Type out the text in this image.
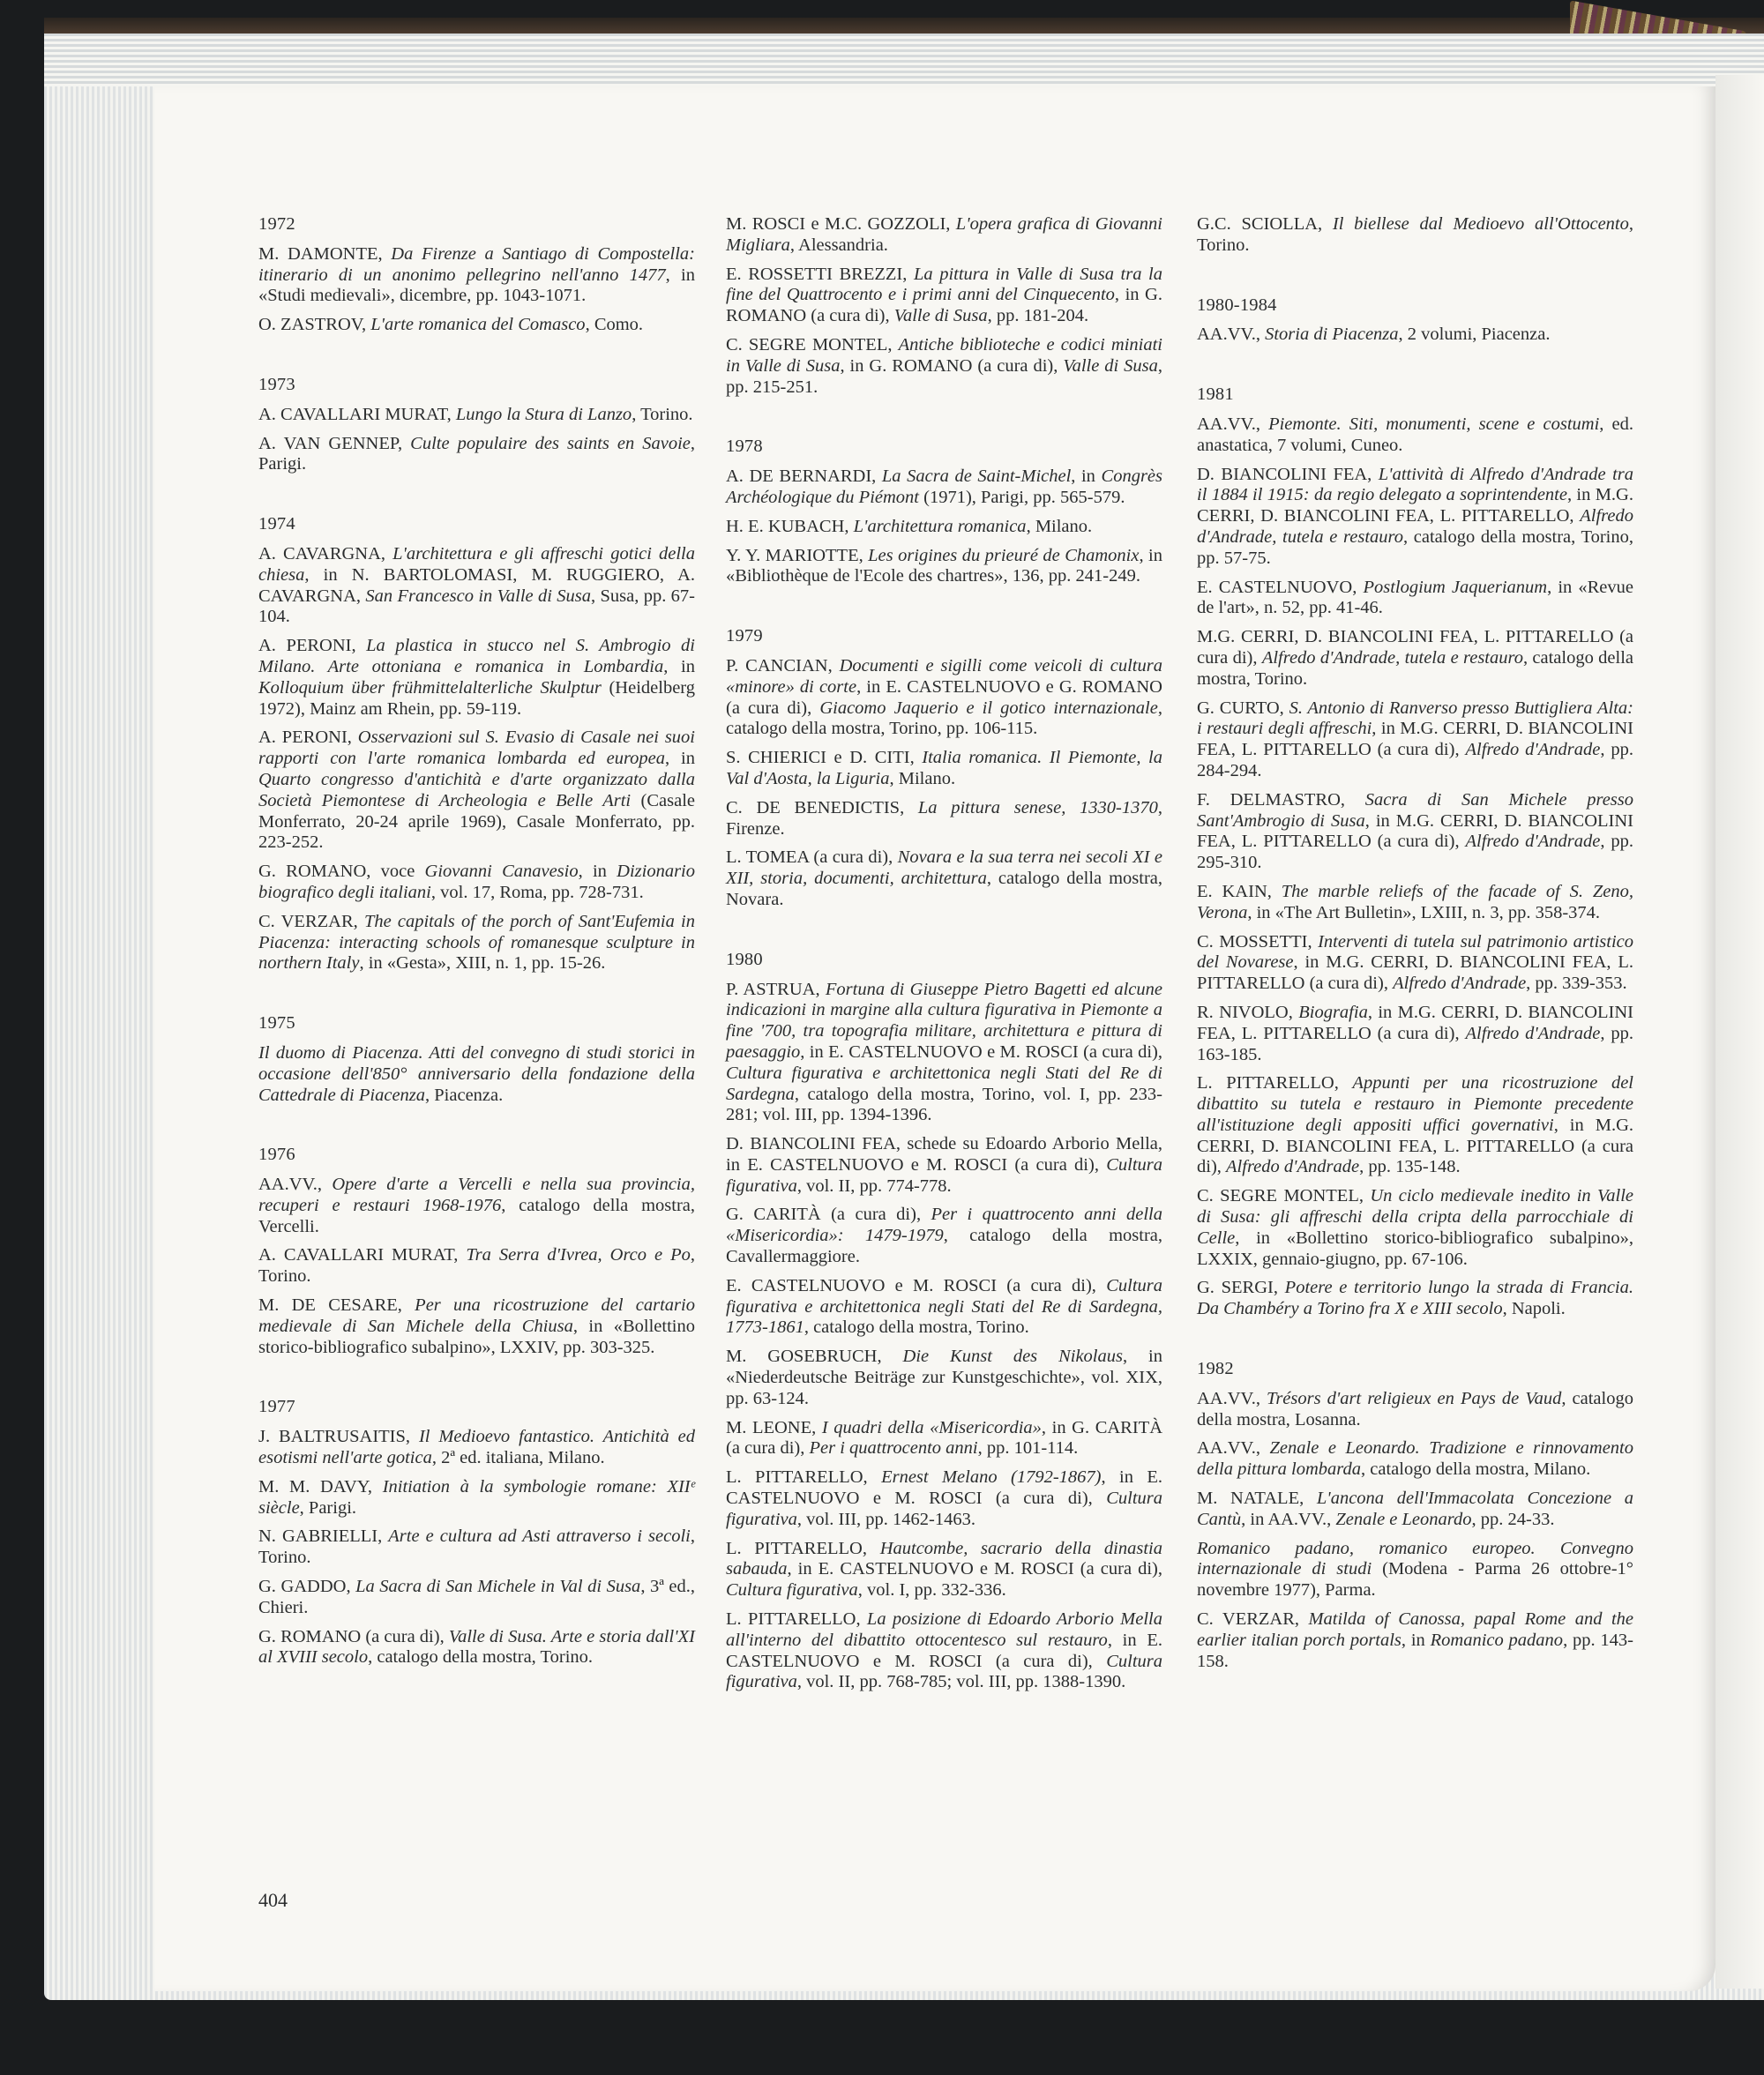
1972

M. DAMONTE, Da Firenze a Santiago di Compostella: itinerario di un anonimo pellegrino nell'anno 1477, in «Studi medievali», dicembre, pp. 1043-1071.

O. ZASTROV, L'arte romanica del Comasco, Como.

1973

A. CAVALLARI MURAT, Lungo la Stura di Lanzo, Torino.

A. VAN GENNEP, Culte populaire des saints en Savoie, Parigi.

1974

A. CAVARGNA, L'architettura e gli affreschi gotici della chiesa, in N. BARTOLOMASI, M. RUGGIERO, A. CAVARGNA, San Francesco in Valle di Susa, Susa, pp. 67-104.

A. PERONI, La plastica in stucco nel S. Ambrogio di Milano. Arte ottoniana e romanica in Lombardia, in Kolloquium über frühmittelalterliche Skulptur (Heidelberg 1972), Mainz am Rhein, pp. 59-119.

A. PERONI, Osservazioni sul S. Evasio di Casale nei suoi rapporti con l'arte romanica lombarda ed europea, in Quarto congresso d'antichità e d'arte organizzato dalla Società Piemontese di Archeologia e Belle Arti (Casale Monferrato, 20-24 aprile 1969), Casale Monferrato, pp. 223-252.

G. ROMANO, voce Giovanni Canavesio, in Dizionario biografico degli italiani, vol. 17, Roma, pp. 728-731.

C. VERZAR, The capitals of the porch of Sant'Eufemia in Piacenza: interacting schools of romanesque sculpture in northern Italy, in «Gesta», XIII, n. 1, pp. 15-26.

1975

Il duomo di Piacenza. Atti del convegno di studi storici in occasione dell'850° anniversario della fondazione della Cattedrale di Piacenza, Piacenza.

1976

AA.VV., Opere d'arte a Vercelli e nella sua provincia, recuperi e restauri 1968-1976, catalogo della mostra, Vercelli.

A. CAVALLARI MURAT, Tra Serra d'Ivrea, Orco e Po, Torino.

M. DE CESARE, Per una ricostruzione del cartario medievale di San Michele della Chiusa, in «Bollettino storico-bibliografico subalpino», LXXIV, pp. 303-325.

1977

J. BALTRUSAITIS, Il Medioevo fantastico. Antichità ed esotismi nell'arte gotica, 2ª ed. italiana, Milano.

M. M. DAVY, Initiation à la symbologie romane: XIIᵉ siècle, Parigi.

N. GABRIELLI, Arte e cultura ad Asti attraverso i secoli, Torino.

G. GADDO, La Sacra di San Michele in Val di Susa, 3ª ed., Chieri.

G. ROMANO (a cura di), Valle di Susa. Arte e storia dall'XI al XVIII secolo, catalogo della mostra, Torino.

M. ROSCI e M.C. GOZZOLI, L'opera grafica di Giovanni Migliara, Alessandria.

E. ROSSETTI BREZZI, La pittura in Valle di Susa tra la fine del Quattrocento e i primi anni del Cinquecento, in G. ROMANO (a cura di), Valle di Susa, pp. 181-204.

C. SEGRE MONTEL, Antiche biblioteche e codici miniati in Valle di Susa, in G. ROMANO (a cura di), Valle di Susa, pp. 215-251.

1978

A. DE BERNARDI, La Sacra de Saint-Michel, in Congrès Archéologique du Piémont (1971), Parigi, pp. 565-579.

H. E. KUBACH, L'architettura romanica, Milano.

Y. Y. MARIOTTE, Les origines du prieuré de Chamonix, in «Bibliothèque de l'Ecole des chartres», 136, pp. 241-249.

1979

P. CANCIAN, Documenti e sigilli come veicoli di cultura «minore» di corte, in E. CASTELNUOVO e G. ROMANO (a cura di), Giacomo Jaquerio e il gotico internazionale, catalogo della mostra, Torino, pp. 106-115.

S. CHIERICI e D. CITI, Italia romanica. Il Piemonte, la Val d'Aosta, la Liguria, Milano.

C. DE BENEDICTIS, La pittura senese, 1330-1370, Firenze.

L. TOMEA (a cura di), Novara e la sua terra nei secoli XI e XII, storia, documenti, architettura, catalogo della mostra, Novara.

1980

P. ASTRUA, Fortuna di Giuseppe Pietro Bagetti ed alcune indicazioni in margine alla cultura figurativa in Piemonte a fine '700, tra topografia militare, architettura e pittura di paesaggio, in E. CASTELNUOVO e M. ROSCI (a cura di), Cultura figurativa e architettonica negli Stati del Re di Sardegna, catalogo della mostra, Torino, vol. I, pp. 233-281; vol. III, pp. 1394-1396.

D. BIANCOLINI FEA, schede su Edoardo Arborio Mella, in E. CASTELNUOVO e M. ROSCI (a cura di), Cultura figurativa, vol. II, pp. 774-778.

G. CARITÀ (a cura di), Per i quattrocento anni della «Misericordia»: 1479-1979, catalogo della mostra, Cavallermaggiore.

E. CASTELNUOVO e M. ROSCI (a cura di), Cultura figurativa e architettonica negli Stati del Re di Sardegna, 1773-1861, catalogo della mostra, Torino.

M. GOSEBRUCH, Die Kunst des Nikolaus, in «Niederdeutsche Beiträge zur Kunstgeschichte», vol. XIX, pp. 63-124.

M. LEONE, I quadri della «Misericordia», in G. CARITÀ (a cura di), Per i quattrocento anni, pp. 101-114.

L. PITTARELLO, Ernest Melano (1792-1867), in E. CASTELNUOVO e M. ROSCI (a cura di), Cultura figurativa, vol. III, pp. 1462-1463.

L. PITTARELLO, Hautcombe, sacrario della dinastia sabauda, in E. CASTELNUOVO e M. ROSCI (a cura di), Cultura figurativa, vol. I, pp. 332-336.

L. PITTARELLO, La posizione di Edoardo Arborio Mella all'interno del dibattito ottocentesco sul restauro, in E. CASTELNUOVO e M. ROSCI (a cura di), Cultura figurativa, vol. II, pp. 768-785; vol. III, pp. 1388-1390.

G.C. SCIOLLA, Il biellese dal Medioevo all'Ottocento, Torino.

1980-1984

AA.VV., Storia di Piacenza, 2 volumi, Piacenza.

1981

AA.VV., Piemonte. Siti, monumenti, scene e costumi, ed. anastatica, 7 volumi, Cuneo.

D. BIANCOLINI FEA, L'attività di Alfredo d'Andrade tra il 1884 il 1915: da regio delegato a soprintendente, in M.G. CERRI, D. BIANCOLINI FEA, L. PITTARELLO, Alfredo d'Andrade, tutela e restauro, catalogo della mostra, Torino, pp. 57-75.

E. CASTELNUOVO, Postlogium Jaquerianum, in «Revue de l'art», n. 52, pp. 41-46.

M.G. CERRI, D. BIANCOLINI FEA, L. PITTARELLO (a cura di), Alfredo d'Andrade, tutela e restauro, catalogo della mostra, Torino.

G. CURTO, S. Antonio di Ranverso presso Buttigliera Alta: i restauri degli affreschi, in M.G. CERRI, D. BIANCOLINI FEA, L. PITTARELLO (a cura di), Alfredo d'Andrade, pp. 284-294.

F. DELMASTRO, Sacra di San Michele presso Sant'Ambrogio di Susa, in M.G. CERRI, D. BIANCOLINI FEA, L. PITTARELLO (a cura di), Alfredo d'Andrade, pp. 295-310.

E. KAIN, The marble reliefs of the facade of S. Zeno, Verona, in «The Art Bulletin», LXIII, n. 3, pp. 358-374.

C. MOSSETTI, Interventi di tutela sul patrimonio artistico del Novarese, in M.G. CERRI, D. BIANCOLINI FEA, L. PITTARELLO (a cura di), Alfredo d'Andrade, pp. 339-353.

R. NIVOLO, Biografia, in M.G. CERRI, D. BIANCOLINI FEA, L. PITTARELLO (a cura di), Alfredo d'Andrade, pp. 163-185.

L. PITTARELLO, Appunti per una ricostruzione del dibattito su tutela e restauro in Piemonte precedente all'istituzione degli appositi uffici governativi, in M.G. CERRI, D. BIANCOLINI FEA, L. PITTARELLO (a cura di), Alfredo d'Andrade, pp. 135-148.

C. SEGRE MONTEL, Un ciclo medievale inedito in Valle di Susa: gli affreschi della cripta della parrocchiale di Celle, in «Bollettino storico-bibliografico subalpino», LXXIX, gennaio-giugno, pp. 67-106.

G. SERGI, Potere e territorio lungo la strada di Francia. Da Chambéry a Torino fra X e XIII secolo, Napoli.

1982

AA.VV., Trésors d'art religieux en Pays de Vaud, catalogo della mostra, Losanna.

AA.VV., Zenale e Leonardo. Tradizione e rinnovamento della pittura lombarda, catalogo della mostra, Milano.

M. NATALE, L'ancona dell'Immacolata Concezione a Cantù, in AA.VV., Zenale e Leonardo, pp. 24-33.

Romanico padano, romanico europeo. Convegno internazionale di studi (Modena - Parma 26 ottobre-1° novembre 1977), Parma.

C. VERZAR, Matilda of Canossa, papal Rome and the earlier italian porch portals, in Romanico padano, pp. 143-158.

404
